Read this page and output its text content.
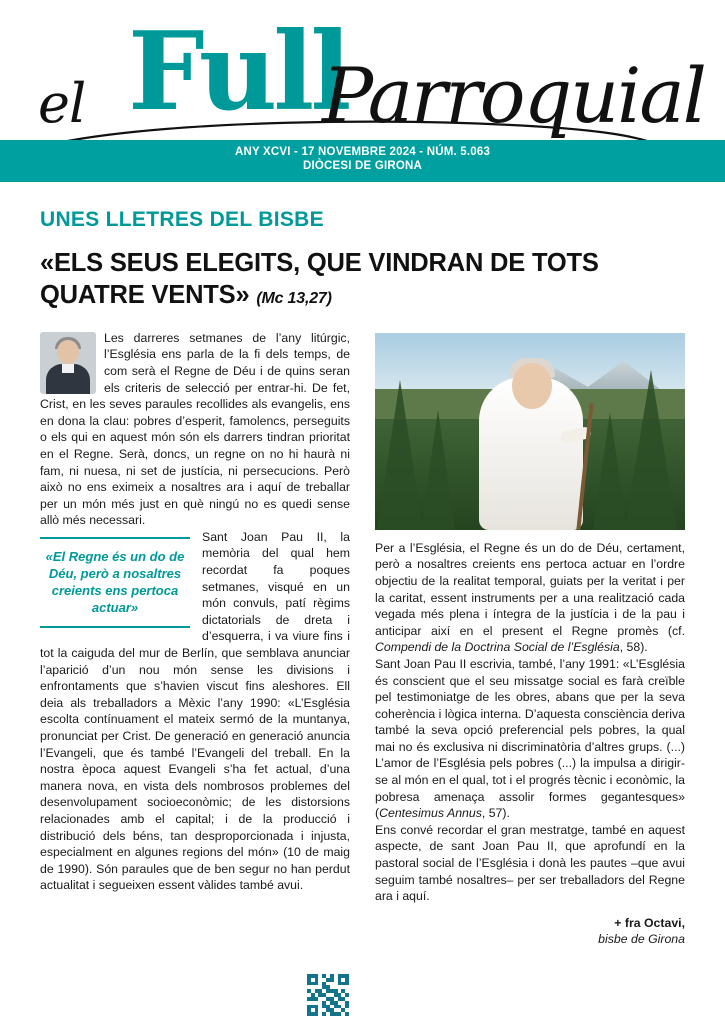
el Full
Parroquial
ANY XCVI - 17 NOVEMBRE 2024 - NÚM. 5.063
DIÒCESI DE GIRONA
UNES LLETRES DEL BISBE
«ELS SEUS ELEGITS, QUE VINDRAN DE TOTS QUATRE VENTS» (Mc 13,27)

Per a l’Església, el Regne és un do de Déu, certament, però a nosaltres creients ens pertoca actuar en l’ordre objectiu de la realitat temporal, guiats per la veritat i per la caritat, essent instruments per a una realització cada vegada més plena i íntegra de la justícia i de la pau i anticipar així en el present el Regne promès (cf. Compendi de la Doctrina Social de l’Església, 58).

Sant Joan Pau II escrivia, també, l’any 1991: «L’Església és conscient que el seu missatge social es farà creïble pel testimoniatge de les obres, abans que per la seva coherència i lògica interna. D’aquesta consciència deriva també la seva opció preferencial pels pobres, la qual mai no és exclusiva ni discriminatòria d’altres grups. (...) L’amor de l’Església pels pobres (...) la impulsa a dirigir-se al món en el qual, tot i el progrés tècnic i econòmic, la pobresa amenaça assolir formes gegantesques» (Centesimus Annus, 57).

Ens convé recordar el gran mestratge, també en aquest aspecte, de sant Joan Pau II, que aprofundí en la pastoral social de l’Església i donà les pautes –que avui seguim també nosaltres– per ser treballadors del Regne ara i aquí.

+ fra Octavi,
bisbe de Girona

Les darreres setmanes de l’any litúrgic, l’Església ens parla de la fi dels temps, de com serà el Regne de Déu i de quins seran els criteris de selecció per entrar-hi. De fet, Crist, en les seves paraules recollides als evangelis, ens en dona la clau: pobres d’esperit, famolencs, perseguits o els qui en aquest món són els darrers tindran prioritat en el Regne. Serà, doncs, un regne on no hi haurà ni fam, ni nuesa, ni set de justícia, ni persecucions. Però això no ens eximeix a nosaltres ara i aquí de treballar per un món més just en què ningú no es quedi sense allò més necessari.

«El Regne és un do de Déu, però a nosaltres creients ens pertoca actuar»
Sant Joan Pau II, la memòria del qual hem recordat fa poques setmanes, visqué en un món convuls, patí règims dictatorials de dreta i d’esquerra, i va viure fins i tot la caiguda del mur de Berlín, que semblava anunciar l’aparició d’un nou món sense les divisions i enfrontaments que s’havien viscut fins aleshores. Ell deia als treballadors a Mèxic l’any 1990: «L’Església escolta contínuament el mateix sermó de la muntanya, pronunciat per Crist. De generació en generació anuncia l’Evangeli, que és també l’Evangeli del treball. En la nostra època aquest Evangeli s’ha fet actual, d’una manera nova, en vista dels nombrosos problemes del desenvolupament socioeconòmic; de les distorsions relacionades amb el capital; i de la producció i distribució dels béns, tan desproporcionada i injusta, especialment en algunes regions del món» (10 de maig de 1990). Són paraules que de ben segur no han perdut actualitat i segueixen essent vàlides també avui.
